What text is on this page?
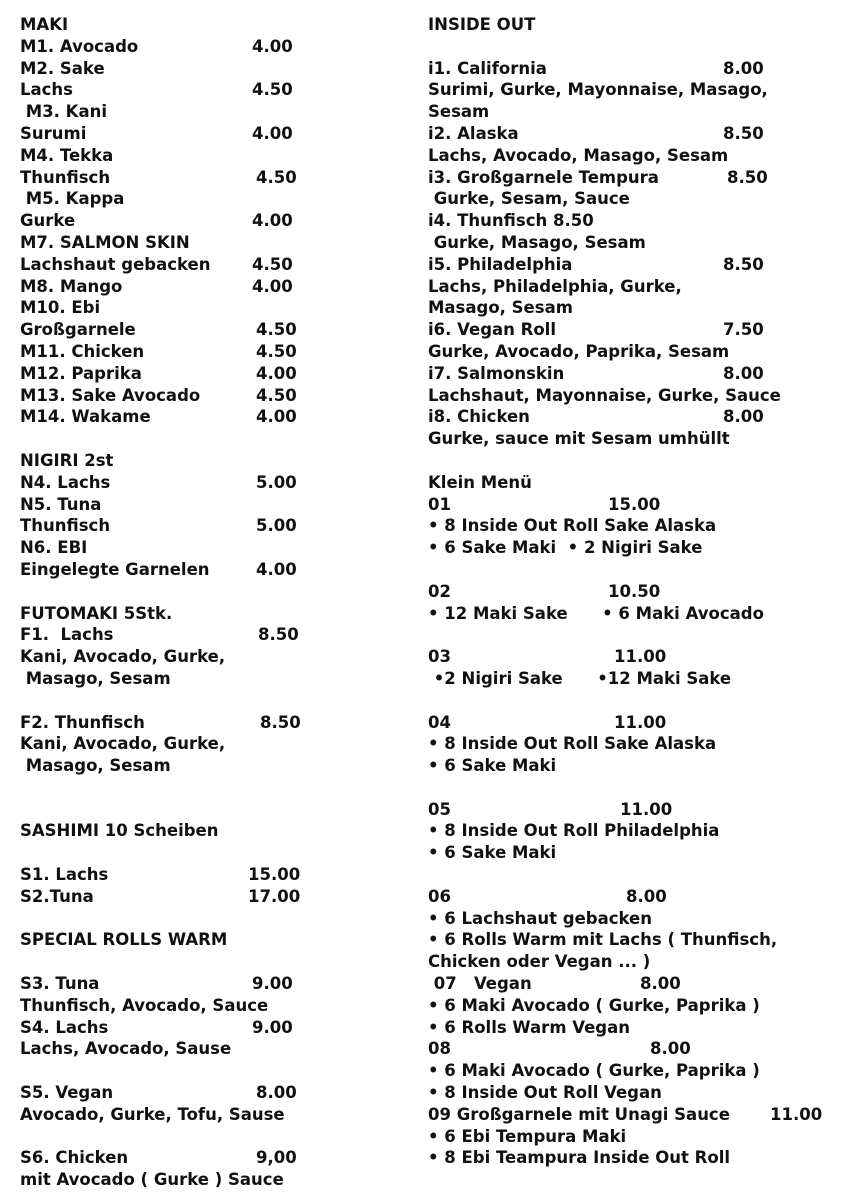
MAKI
M1. Avocado	4.00
M2. Sake
Lachs	4.50
M3. Kani
Surumi	4.00
M4. Tekka
Thunfisch	4.50
M5. Kappa
Gurke	4.00
M7. SALMON SKIN
Lachshaut gebacken	4.50
M8. Mango	4.00
M10. Ebi
Großgarnele	4.50
M11. Chicken	4.50
M12. Paprika	4.00
M13. Sake Avocado	4.50
M14. Wakame	4.00
NIGIRI 2st
N4. Lachs	5.00
N5. Tuna
Thunfisch	5.00
N6. EBI
Eingelegte Garnelen	4.00
FUTOMAKI 5Stk.
F1.  Lachs	8.50
Kani, Avocado, Gurke,
Masago, Sesam
F2. Thunfisch	8.50
Kani, Avocado, Gurke,
Masago, Sesam
SASHIMI 10 Scheiben
S1. Lachs	15.00
S2.Tuna	17.00
SPECIAL ROLLS WARM
S3. Tuna	9.00
Thunfisch, Avocado, Sauce
S4. Lachs	9.00
Lachs, Avocado, Sause
S5. Vegan	8.00
Avocado, Gurke, Tofu, Sause
S6. Chicken	9,00
mit Avocado ( Gurke ) Sauce
INSIDE OUT
i1. California	8.00
Surimi, Gurke, Mayonnaise, Masago,
Sesam
i2. Alaska	8.50
Lachs, Avocado, Masago, Sesam
i3. Großgarnele Tempura	8.50
Gurke, Sesam, Sauce
i4. Thunfisch 8.50
Gurke, Masago, Sesam
i5. Philadelphia	8.50
Lachs, Philadelphia, Gurke,
Masago, Sesam
i6. Vegan Roll	7.50
Gurke, Avocado, Paprika, Sesam
i7. Salmonskin	8.00
Lachshaut, Mayonnaise, Gurke, Sauce
i8. Chicken	8.00
Gurke, sauce mit Sesam umhüllt
Klein Menü
01	15.00
• 8 Inside Out Roll Sake Alaska
• 6 Sake Maki  • 2 Nigiri Sake
02	10.50
• 12 Maki Sake      • 6 Maki Avocado
03	11.00
•2 Nigiri Sake      •12 Maki Sake
04	11.00
• 8 Inside Out Roll Sake Alaska
• 6 Sake Maki
05	11.00
• 8 Inside Out Roll Philadelphia
• 6 Sake Maki
06	8.00
• 6 Lachshaut gebacken
• 6 Rolls Warm mit Lachs ( Thunfisch,
Chicken oder Vegan ... )
07   Vegan	8.00
• 6 Maki Avocado ( Gurke, Paprika )
• 6 Rolls Warm Vegan
08	8.00
• 6 Maki Avocado ( Gurke, Paprika )
• 8 Inside Out Roll Vegan
09 Großgarnele mit Unagi Sauce 11.00
• 6 Ebi Tempura Maki
• 8 Ebi Teampura Inside Out Roll
